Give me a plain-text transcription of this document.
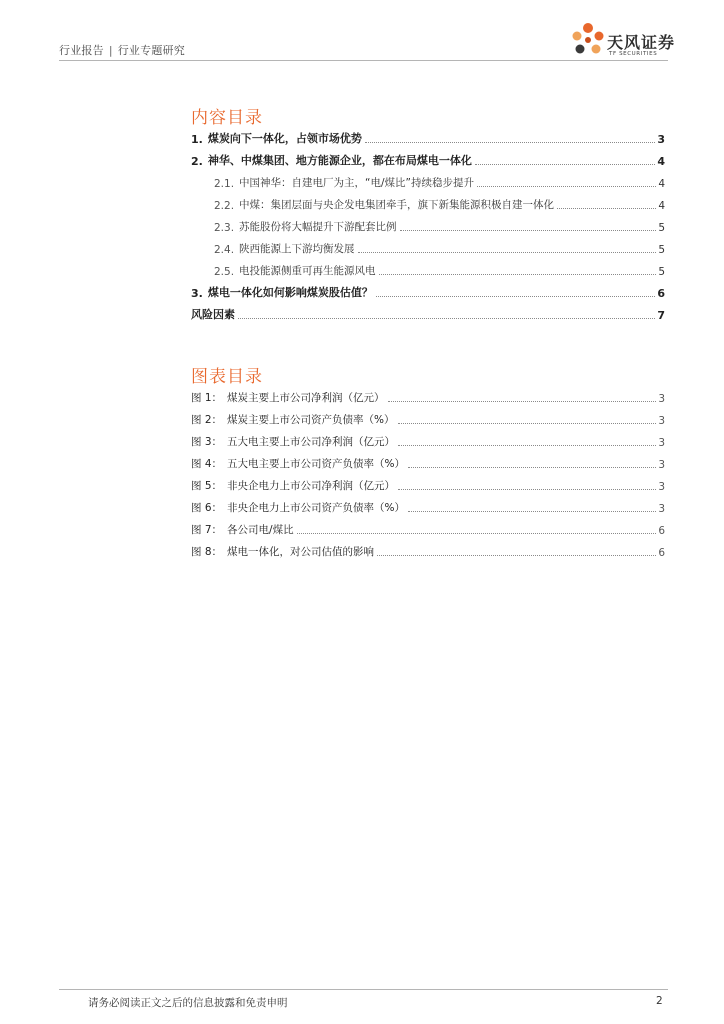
行业报告 | 行业专题研究	天风证券
TF SECURITIES
内容目录
1. 煤炭向下一体化，占领市场优势	3
2. 神华、中煤集团、地方能源企业，都在布局煤电一体化	4
2.1. 中国神华：自建电厂为主，“电/煤比”持续稳步提升	4
2.2. 中煤：集团层面与央企发电集团牵手，旗下新集能源积极自建一体化	4
2.3. 苏能股份将大幅提升下游配套比例	5
2.4. 陕西能源上下游均衡发展	5
2.5. 电投能源侧重可再生能源风电	5
3. 煤电一体化如何影响煤炭股估值？	6
风险因素	7
图表目录
图 1： 煤炭主要上市公司净利润（亿元）	3
图 2： 煤炭主要上市公司资产负债率（%）	3
图 3： 五大电主要上市公司净利润（亿元）	3
图 4： 五大电主要上市公司资产负债率（%）	3
图 5： 非央企电力上市公司净利润（亿元）	3
图 6： 非央企电力上市公司资产负债率（%）	3
图 7： 各公司电/煤比	6
图 8： 煤电一体化，对公司估值的影响	6
请务必阅读正文之后的信息披露和免责申明	2
